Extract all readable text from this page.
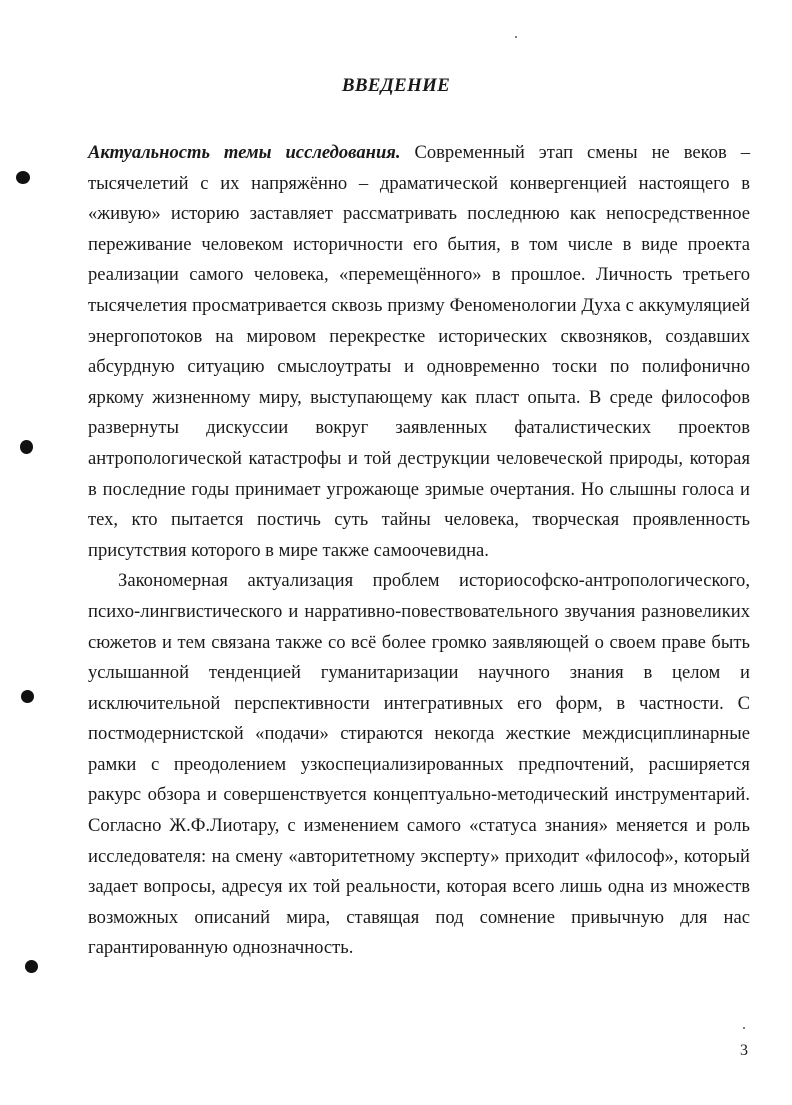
ВВЕДЕНИЕ

Актуальность темы исследования. Современный этап смены не веков – тысячелетий с их напряжённо – драматической конвергенцией настоящего в «живую» историю заставляет рассматривать последнюю как непосредственное переживание человеком историчности его бытия, в том числе в виде проекта реализации самого человека, «перемещённого» в прошлое. Личность третьего тысячелетия просматривается сквозь призму Феноменологии Духа с аккумуляцией энергопотоков на мировом перекрестке исторических сквозняков, создавших абсурдную ситуацию смыслоутраты и одновременно тоски по полифонично яркому жизненному миру, выступающему как пласт опыта. В среде философов развернуты дискуссии вокруг заявленных фаталистических проектов антропологической катастрофы и той деструкции человеческой природы, которая в последние годы принимает угрожающе зримые очертания. Но слышны голоса и тех, кто пытается постичь суть тайны человека, творческая проявленность присутствия которого в мире также самоочевидна.

Закономерная актуализация проблем историософско-антропологического, психо-лингвистического и нарративно-повествовательного звучания разновеликих сюжетов и тем связана также со всё более громко заявляющей о своем праве быть услышанной тенденцией гуманитаризации научного знания в целом и исключительной перспективности интегративных его форм, в частности. С постмодернистской «подачи» стираются некогда жесткие междисциплинарные рамки с преодолением узкоспециализированных предпочтений, расширяется ракурс обзора и совершенствуется концептуально-методический инструментарий. Согласно Ж.Ф.Лиотару, с изменением самого «статуса знания» меняется и роль исследователя: на смену «авторитетному эксперту» приходит «философ», который задает вопросы, адресуя их той реальности, которая всего лишь одна из множеств возможных описаний мира, ставящая под сомнение привычную для нас гарантированную однозначность.

3
